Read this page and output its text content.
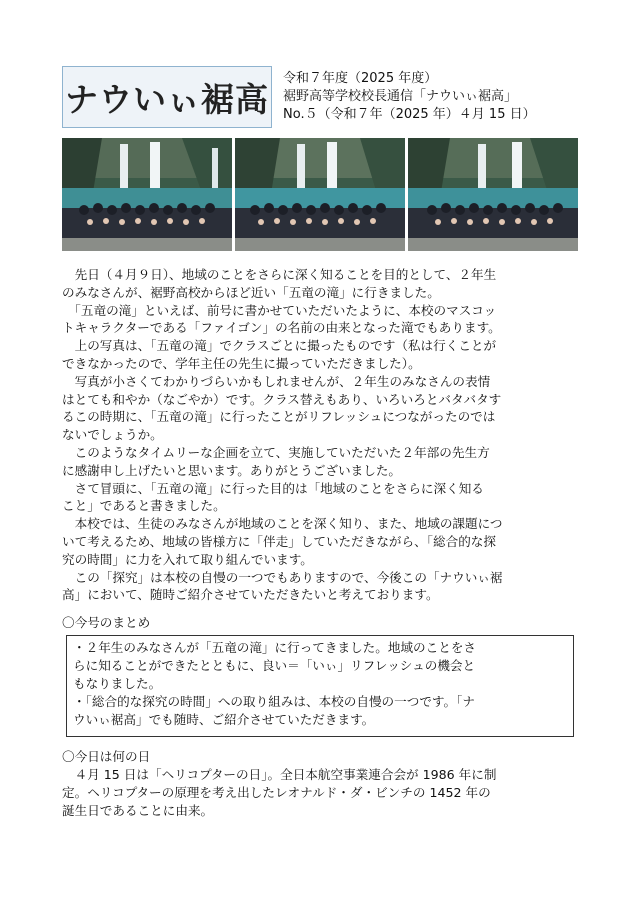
ナウいぃ裾高
令和７年度（2025 年度）
裾野高等学校校長通信「ナウいぃ裾高」
No.５（令和７年（2025 年）４月 15 日）
　先日（４月９日）、地域のことをさらに深く知ることを目的として、２年生
のみなさんが、裾野高校からほど近い「五竜の滝」に行きました。
　「五竜の滝」といえば、前号に書かせていただいたように、本校のマスコッ
トキャラクターである「ファイゴン」の名前の由来となった滝でもあります。
　上の写真は、「五竜の滝」でクラスごとに撮ったものです（私は行くことが
できなかったので、学年主任の先生に撮っていただきました）。
　写真が小さくてわかりづらいかもしれませんが、２年生のみなさんの表情
はとても和やか（なごやか）です。クラス替えもあり、いろいろとバタバタす
るこの時期に、「五竜の滝」に行ったことがリフレッシュにつながったのでは
ないでしょうか。
　このようなタイムリーな企画を立て、実施していただいた２年部の先生方
に感謝申し上げたいと思います。ありがとうございました。
　さて冒頭に、「五竜の滝」に行った目的は「地域のことをさらに深く知る
こと」であると書きました。
　本校では、生徒のみなさんが地域のことを深く知り、また、地域の課題につ
いて考えるため、地域の皆様方に「伴走」していただきながら、「総合的な探
究の時間」に力を入れて取り組んでいます。
　この「探究」は本校の自慢の一つでもありますので、今後この「ナウいぃ裾
高」において、随時ご紹介させていただきたいと考えております。
〇今号のまとめ
・２年生のみなさんが「五竜の滝」に行ってきました。地域のことをさ
らに知ることができたとともに、良い＝「いぃ」リフレッシュの機会と
もなりました。
・「総合的な探究の時間」への取り組みは、本校の自慢の一つです。「ナ
ウいぃ裾高」でも随時、ご紹介させていただきます。
〇今日は何の日
　４月 15 日は「ヘリコプターの日」。全日本航空事業連合会が 1986 年に制
定。ヘリコプターの原理を考え出したレオナルド・ダ・ビンチの 1452 年の
誕生日であることに由来。
